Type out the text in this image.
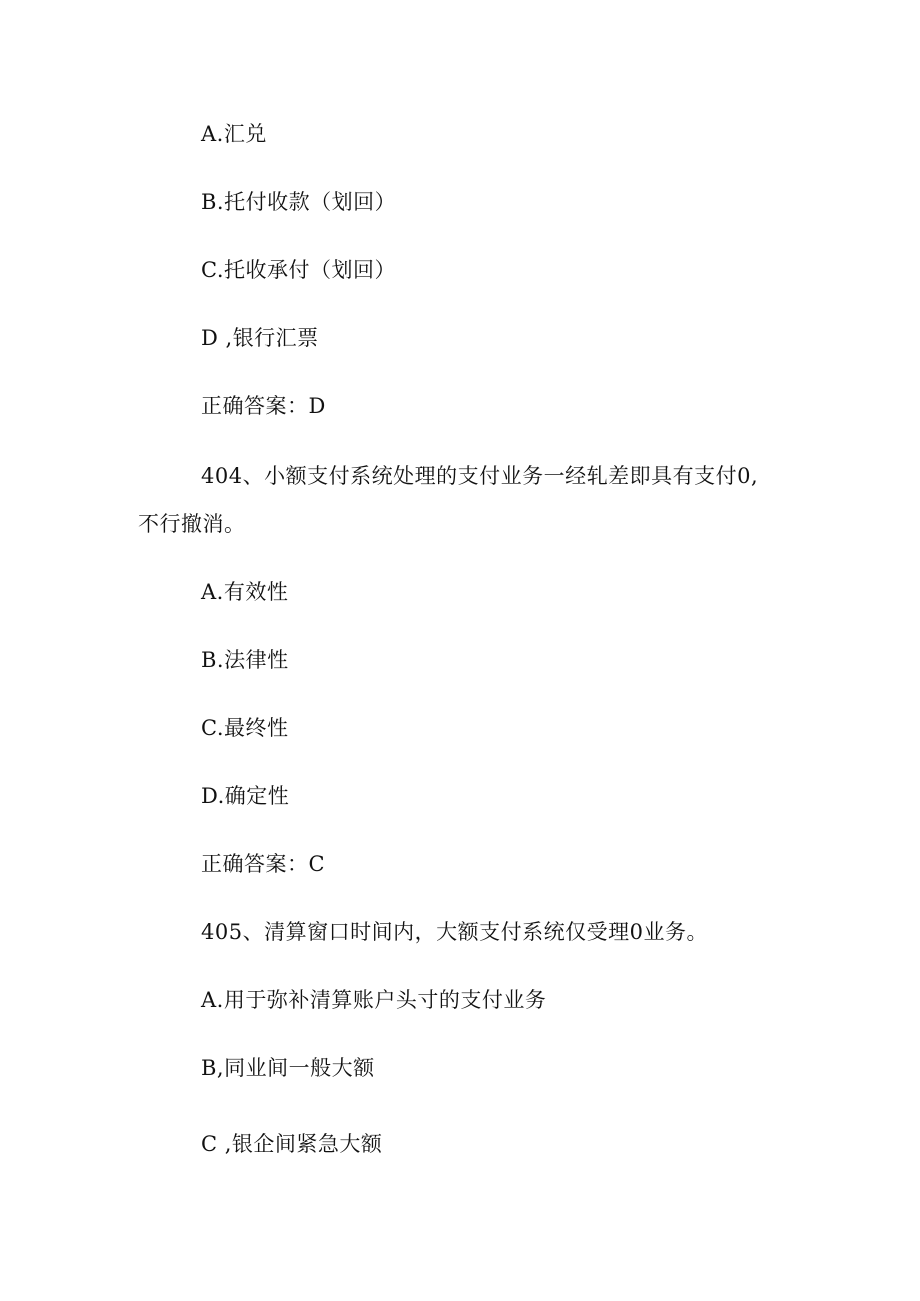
A.汇兑
B.托付收款（划回）
C.托收承付（划回）
D ,银行汇票
正确答案：D
404、小额支付系统处理的支付业务一经轧差即具有支付0,
不行撤消。
A.有效性
B.法律性
C.最终性
D.确定性
正确答案：C
405、清算窗口时间内，大额支付系统仅受理0业务。
A.用于弥补清算账户头寸的支付业务
B,同业间一般大额
C ,银企间紧急大额
